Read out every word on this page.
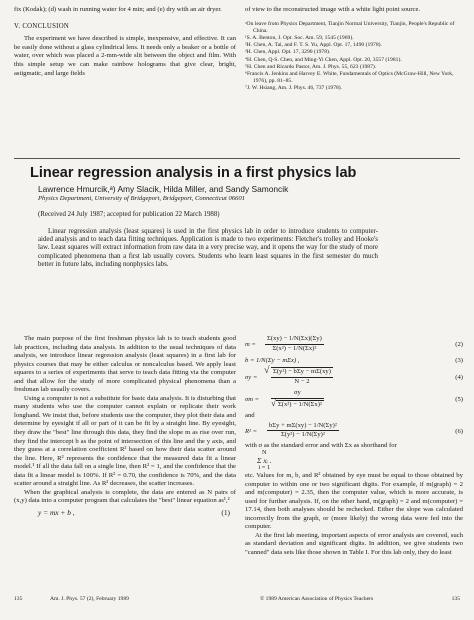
fix (Kodak); (d) wash in running water for 4 min; and (e) dry with an air dryer.

V. CONCLUSION

The experiment we have described is simple, inexpensive, and effective. It can be easily done without a glass cylindrical lens. It needs only a beaker or a bottle of water, over which was placed a 2-mm-wide slit between the object and film. With this simple setup we can make rainbow holograms that give clear, bright, astigmatic, and large fields

of view to the reconstructed image with a white light point source.

ᵃOn leave from Physics Department, Tianjin Normal University, Tianjin, People's Republic of China.

¹S. A. Benton, J. Opt. Soc. Am. 59, 1545 (1969).

²H. Chen, A. Tai, and F. T. S. Yu, Appl. Opt. 17, 1490 (1978).

³H. Chen, Appl. Opt. 17, 3290 (1978).

⁴H. Chen, Q-S. Chen, and Ming-Yi Chen, Appl. Opt. 20, 3557 (1981).

⁵H. Chen and Ricardo Pastor, Am. J. Phys. 55, 623 (1987).

⁶Francis A. Jenkins and Harvey E. White, Fundamentals of Optics (McGraw-Hill, New York, 1976), pp. 81–85.

⁷J. W. Hsiang, Am. J. Phys. 46, 737 (1978).

Linear regression analysis in a first physics lab
Lawrence Hmurcik,ᵃ) Amy Slacik, Hilda Miller, and Sandy Samoncik
Physics Department, University of Bridgeport, Bridgeport, Connecticut 06601
(Received 24 July 1987; accepted for publication 22 March 1988)
Linear regression analysis (least squares) is used in the first physics lab in order to introduce students to computer-aided analysis and to teach data fitting techniques. Application is made to two experiments: Fletcher's trolley and Hooke's law. Least squares will extract information from raw data in a very precise way, and it opens the way for the study of more complicated phenomena than a first lab usually covers. Students who learn least squares in the first semester do much better in future labs, including nonphysics labs.

The main purpose of the first freshman physics lab is to teach students good lab practices, including data analysis. In addition to the usual techniques of data analysis, we introduce linear regression analysis (least squares) in a first lab for physics courses that may be either calculus or noncalculus based. We apply least squares to a series of experiments that serve to teach data fitting via the computer and that allow for the study of more complicated physical phenomena than a freshman lab usually covers.

Using a computer is not a substitute for basic data analysis. It is disturbing that many students who use the computer cannot explain or replicate their work longhand. We insist that, before students use the computer, they plot their data and determine by eyesight if all or part of it can be fit by a straight line. By eyesight, they draw the "best" line through this data, they find the slope m as rise over run, they find the intercept b as the point of intersection of this line and the y axis, and they guess at a correlation coefficient R² based on how their data scatter around the line. Here, R² represents the confidence that the measured data fit a linear model.¹ If all the data fall on a single line, then R² = 1, and the confidence that the data fit a linear model is 100%. If R² = 0.70, the confidence is 70%, and the data scatter around a straight line. As R² decreases, the scatter increases.

When the graphical analysis is complete, the data are entered as N pairs of (x,y) data into a computer program that calculates the "best" linear equation as¹,²

y = mx + b ,	(1)
$m = \frac{\Sigma(xy) - 1/N(\Sigma x)(\Sigma y)}{\text{Σ(x²) − 1/N(Σx)²}}$	(2)
b = 1/N(Σy − mΣx) ,	(3)
σy =
√ Σ(y²) − bΣy − mΣ(xy)
N − 2
(4)
$\sigma m = \frac{\sigma y}{\text{√ Σ(x²) − 1/N(Σx)²}}$	(5)

and

R² =
bΣy + mΣ(xy) − 1/N(Σy)²
Σ(y²) − 1/N(Σy)²
(6)

with σ as the standard error and with Σx as shorthand for

N
Σ xᵢ .
i = 1

etc. Values for m, b, and R² obtained by eye must be equal to those obtained by computer to within one or two significant digits. For example, if m(graph) = 2 and m(computer) = 2.35, then the computer value, which is more accurate, is used for further analysis. If, on the other hand, m(graph) = 2 and m(computer) = 17.14, then both analyses should be rechecked. Either the slope was calculated incorrectly from the graph, or (more likely) the wrong data were fed into the computer.

At the first lab meeting, important aspects of error analysis are covered, such as standard deviation and significant digits. In addition, we give students two "canned" data sets like those shown in Table I. For this lab only, they do least

135	Am. J. Phys. 57 (2), February 1989	© 1989 American Association of Physics Teachers	135
